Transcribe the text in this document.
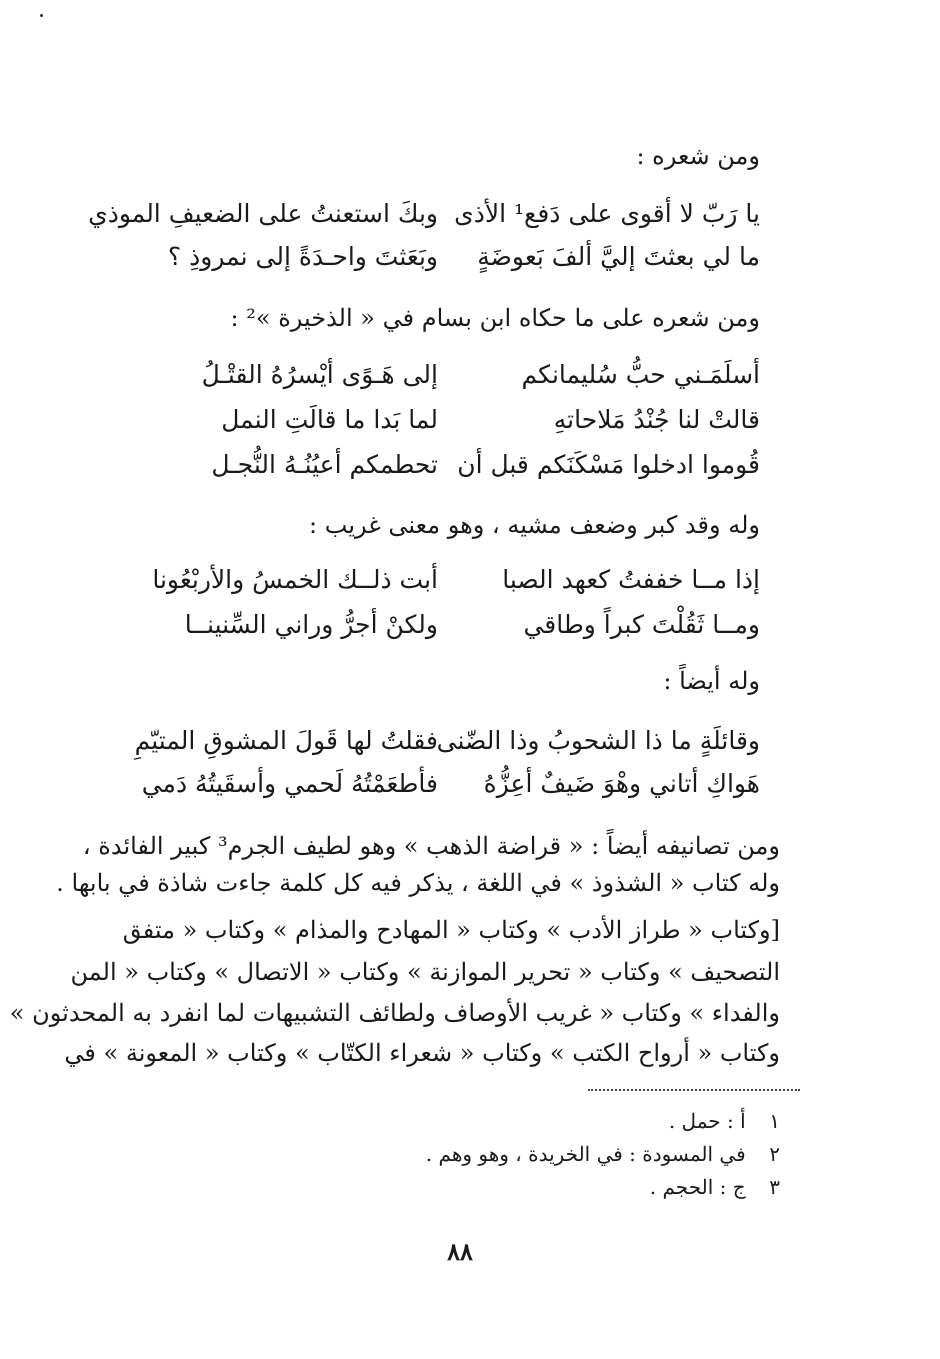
ومن شعره :
يا رَبّ لا أقوى على دَفع¹ الأذى
وبكَ استعنتُ على الضعيفِ الموذي
ما لي بعثتَ إليَّ ألفَ بَعوضَةٍ
وبَعَثتَ واحـدَةً إلى نمروذِ ؟
ومن شعره على ما حكاه ابن بسام في « الذخيرة »² :
أسلَمَـني حبُّ سُليمانكم
إلى هَـوًى أيْسرُهُ القتْـلُ
قالتْ لنا جُنْدُ مَلاحاتهِ
لما بَدا ما قالَتِ النمل
قُوموا ادخلوا مَسْكَنَكم قبل أن
تحطمكم أعيُنُـهُ النُّجـل
وله وقد كبر وضعف مشيه ، وهو معنى غريب :
إذا مــا خففتُ كعهد الصبا
أبت ذلــك الخمسُ والأربْعُونا
ومــا ثَقُلْتَ كبراً وطاقي
ولكنْ أجرُّ وراني السِّنينــا
وله أيضاً :
وقائلَةٍ ما ذا الشحوبُ وذا الضّنى
فقلتُ لها قَولَ المشوقِ المتيّمِ
هَواكِ أتاني وهْوَ ضَيفٌ أعِزُّهُ
فأطعَمْتُهُ لَحمي وأسقَيتُهُ دَمي
ومن تصانيفه أيضاً : « قراضة الذهب » وهو لطيف الجرم³ كبير الفائدة ،
وله كتاب « الشذوذ » في اللغة ، يذكر فيه كل كلمة جاءت شاذة في بابها .
[وكتاب « طراز الأدب » وكتاب « المهادح والمذام » وكتاب « متفق
التصحيف » وكتاب « تحرير الموازنة » وكتاب « الاتصال » وكتاب « المن
والفداء » وكتاب « غريب الأوصاف ولطائف التشبيهات لما انفرد به المحدثون »
وكتاب « أرواح الكتب » وكتاب « شعراء الكتّاب » وكتاب « المعونة » في
١ أ : حمل .
٢ في المسودة : في الخريدة ، وهو وهم .
٣ ج : الحجم .
٨٨
